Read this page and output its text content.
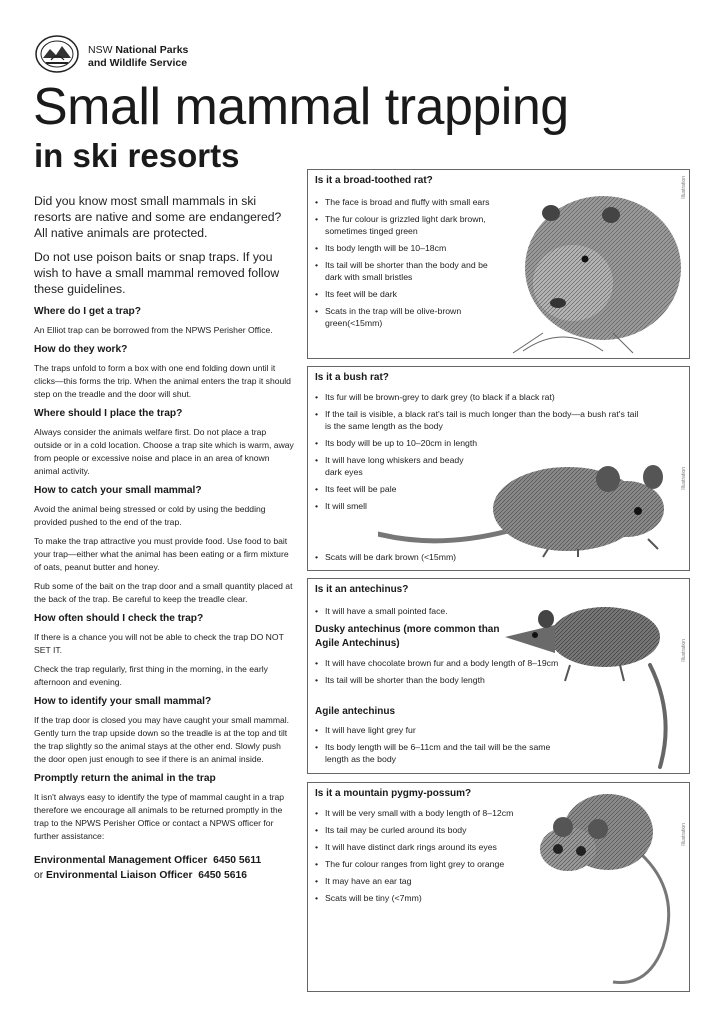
NSW National Parks
and Wildlife Service
Small mammal trapping
in ski resorts

Did you know most small mammals in ski resorts are native and some are endangered? All native animals are protected.

Do not use poison baits or snap traps. If you wish to have a small mammal removed follow these guidelines.

Where do I get a trap?

An Elliot trap can be borrowed from the NPWS Perisher Office.

How do they work?

The traps unfold to form a box with one end folding down until it clicks—this forms the trip. When the animal enters the trap it should step on the treadle and the door will shut.

Where should I place the trap?

Always consider the animals welfare first. Do not place a trap outside or in a cold location. Choose a trap site which is warm, away from people or excessive noise and place in an area of known animal activity.

How to catch your small mammal?

Avoid the animal being stressed or cold by using the bedding provided pushed to the end of the trap.

To make the trap attractive you must provide food. Use food to bait your trap—either what the animal has been eating or a firm mixture of oats, peanut butter and honey.

Rub some of the bait on the trap door and a small quantity placed at the back of the trap. Be careful to keep the treadle clear.

How often should I check the trap?

If there is a chance you will not be able to check the trap DO NOT SET IT.

Check the trap regularly, first thing in the morning, in the early afternoon and evening.

How to identify your small mammal?

If the trap door is closed you may have caught your small mammal. Gently turn the trap upside down so the treadle is at the top and tilt the trap slightly so the animal stays at the other end. Slowly push the door open just enough to see if there is an animal inside.

Promptly return the animal in the trap

It isn't always easy to identify the type of mammal caught in a trap therefore we encourage all animals to be returned promptly in the trap to the NPWS Perisher Office or contact a NPWS officer for further assistance:

Environmental Management Officer 6450 5611
or Environmental Liaison Officer 6450 5616
Is it a broad-toothed rat?
• The face is broad and fluffy with small ears
• The fur colour is grizzled light dark brown, sometimes tinged green
• Its body length will be 10–18cm
• Its tail will be shorter than the body and be dark with small bristles
• Its feet will be dark
• Scats in the trap will be olive-brown green(<15mm)
Illustration
Is it a bush rat?
• Its fur will be brown-grey to dark grey (to black if a black rat)
• If the tail is visible, a black rat's tail is much longer than the body—a bush rat's tail is the same length as the body
• Its body will be up to 10–20cm in length
• It will have long whiskers and beady dark eyes
• Its feet will be pale
• It will smell
• Scats will be dark brown (<15mm)
Illustration
Is it an antechinus?
• It will have a small pointed face.
Dusky antechinus (more common than Agile Antechinus)
• It will have chocolate brown fur and a body length of 8–19cm
• Its tail will be shorter than the body length
Agile antechinus
• It will have light grey fur
• Its body length will be 6–11cm and the tail will be the same length as the body
Illustration
Is it a mountain pygmy-possum?
• It will be very small with a body length of 8–12cm
• Its tail may be curled around its body
• It will have distinct dark rings around its eyes
• The fur colour ranges from light grey to orange
• It may have an ear tag
• Scats will be tiny (<7mm)
Illustration
